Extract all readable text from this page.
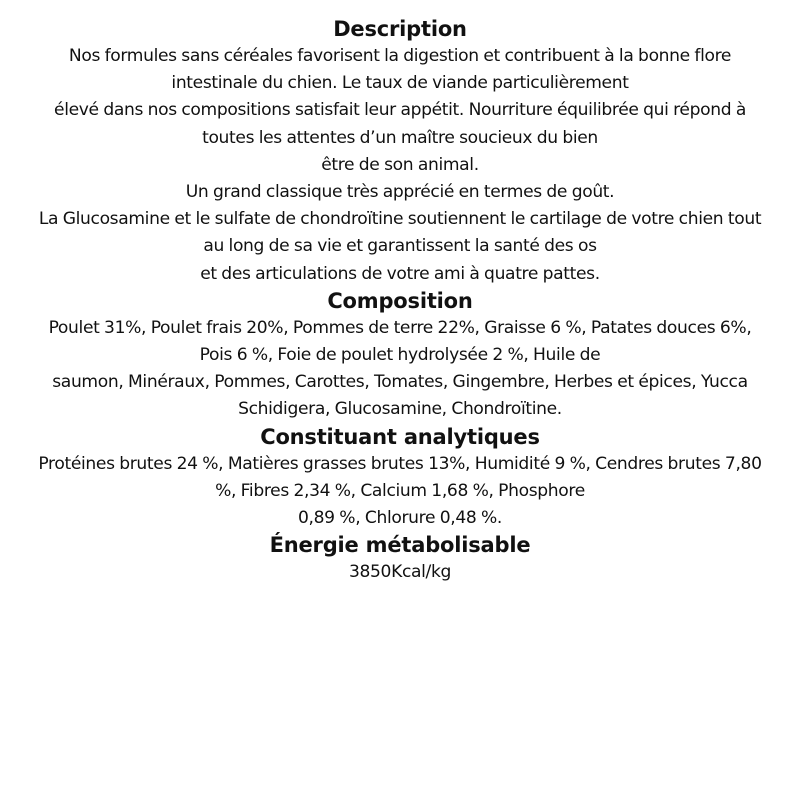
Description

Nos formules sans céréales favorisent la digestion et contribuent à la bonne flore

intestinale du chien. Le taux de viande particulièrement

élevé dans nos compositions satisfait leur appétit. Nourriture équilibrée qui répond à

toutes les attentes d’un maître soucieux du bien

être de son animal.

Un grand classique très apprécié en termes de goût.

La Glucosamine et le sulfate de chondroïtine soutiennent le cartilage de votre chien tout

au long de sa vie et garantissent la santé des os

et des articulations de votre ami à quatre pattes.

Composition

Poulet 31%, Poulet frais 20%, Pommes de terre 22%, Graisse 6 %, Patates douces 6%,

Pois 6 %, Foie de poulet hydrolysée 2 %, Huile de

saumon, Minéraux, Pommes, Carottes, Tomates, Gingembre, Herbes et épices, Yucca

Schidigera, Glucosamine, Chondroïtine.

Constituant analytiques

Protéines brutes 24 %, Matières grasses brutes 13%, Humidité 9 %, Cendres brutes 7,80

%, Fibres 2,34 %, Calcium 1,68 %, Phosphore

0,89 %, Chlorure 0,48 %.

Énergie métabolisable

3850Kcal/kg
